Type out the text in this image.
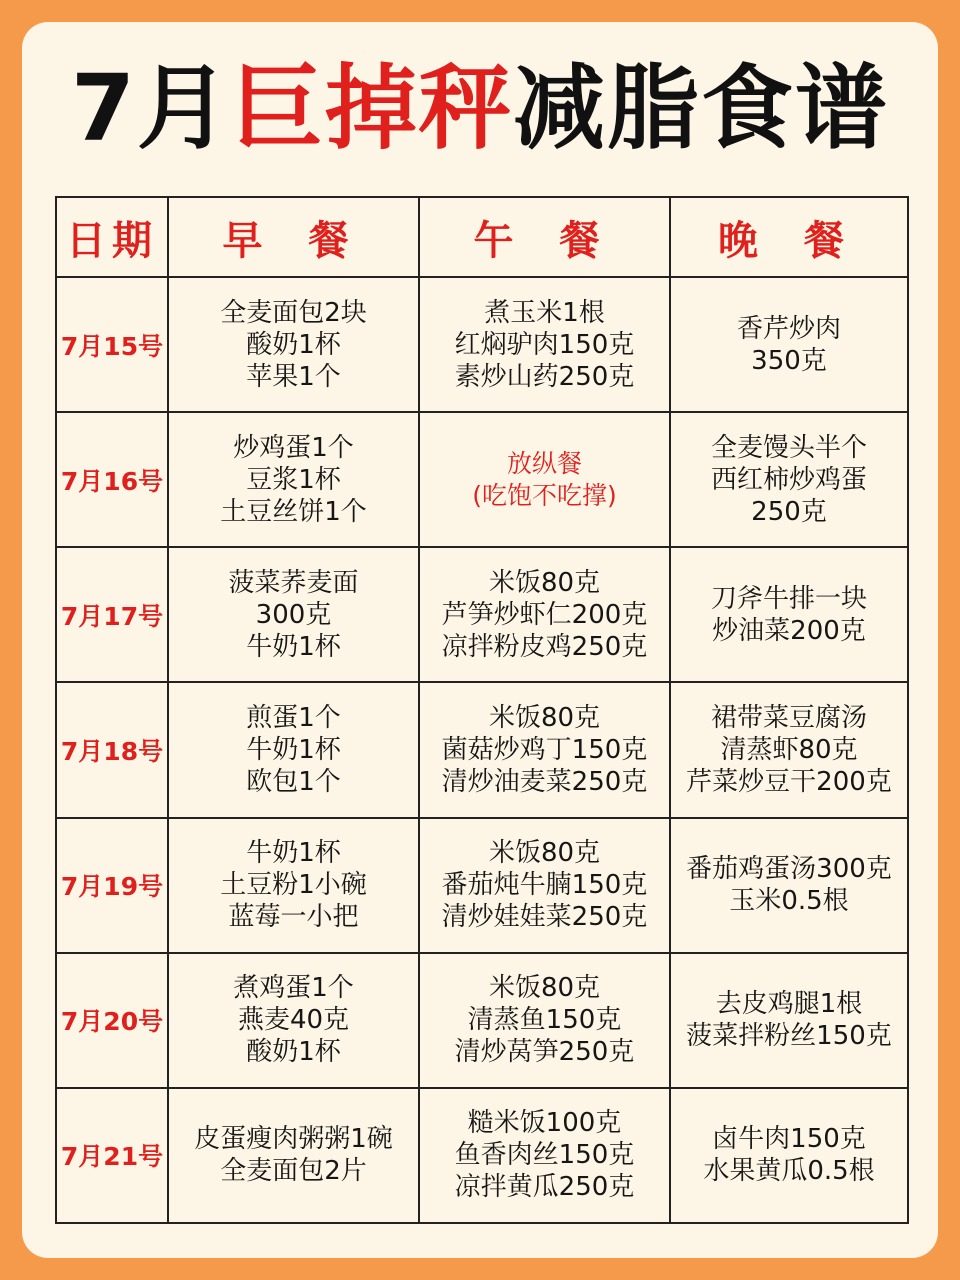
7月巨掉秤减脂食谱
日期	早 餐	午 餐	晚 餐
7月15号	全麦面包2块
酸奶1杯
苹果1个	煮玉米1根
红焖驴肉150克
素炒山药250克	香芹炒肉
350克

7月16号	炒鸡蛋1个
豆浆1杯
土豆丝饼1个	放纵餐
(吃饱不吃撑)	全麦馒头半个
西红柿炒鸡蛋
250克

7月17号	菠菜荞麦面
300克
牛奶1杯	米饭80克
芦笋炒虾仁200克
凉拌粉皮鸡250克	刀斧牛排一块
炒油菜200克

7月18号	煎蛋1个
牛奶1杯
欧包1个	米饭80克
菌菇炒鸡丁150克
清炒油麦菜250克	裙带菜豆腐汤
清蒸虾80克
芹菜炒豆干200克

7月19号	牛奶1杯
土豆粉1小碗
蓝莓一小把	米饭80克
番茄炖牛腩150克
清炒娃娃菜250克	番茄鸡蛋汤300克
玉米0.5根

7月20号	煮鸡蛋1个
燕麦40克
酸奶1杯	米饭80克
清蒸鱼150克
清炒莴笋250克	去皮鸡腿1根
菠菜拌粉丝150克

7月21号	皮蛋瘦肉粥粥1碗
全麦面包2片	糙米饭100克
鱼香肉丝150克
凉拌黄瓜250克	卤牛肉150克
水果黄瓜0.5根
